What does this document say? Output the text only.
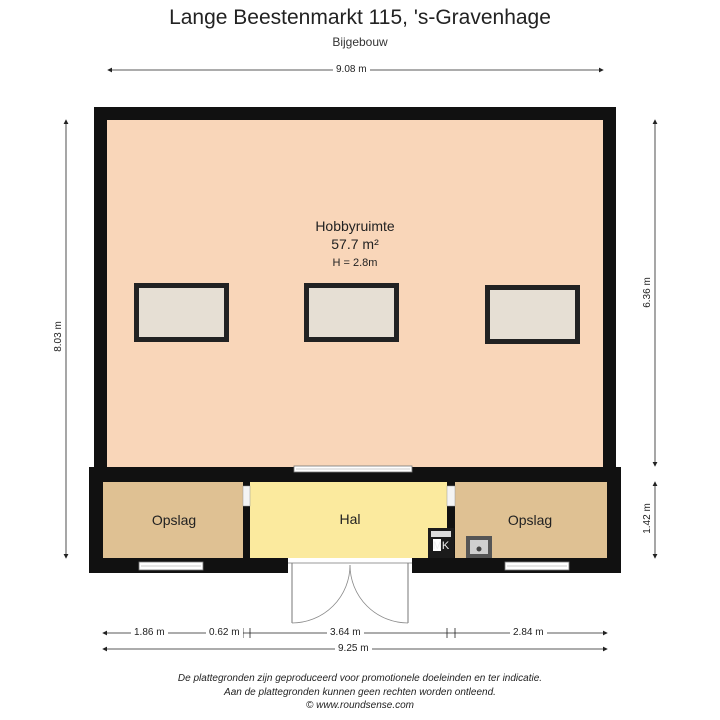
Lange Beestenmarkt 115, 's-Gravenhage
Bijgebouw
Hobbyruimte
57.7 m²
H = 2.8m
Opslag	Hal	Opslag
MK
9.08 m
8.03 m
6.36 m
1.42 m
1.86 m	0.62 m	3.64 m	2.84 m
9.25 m
De plattegronden zijn geproduceerd voor promotionele doeleinden en ter indicatie.
Aan de plattegronden kunnen geen rechten worden ontleend.
© www.roundsense.com
